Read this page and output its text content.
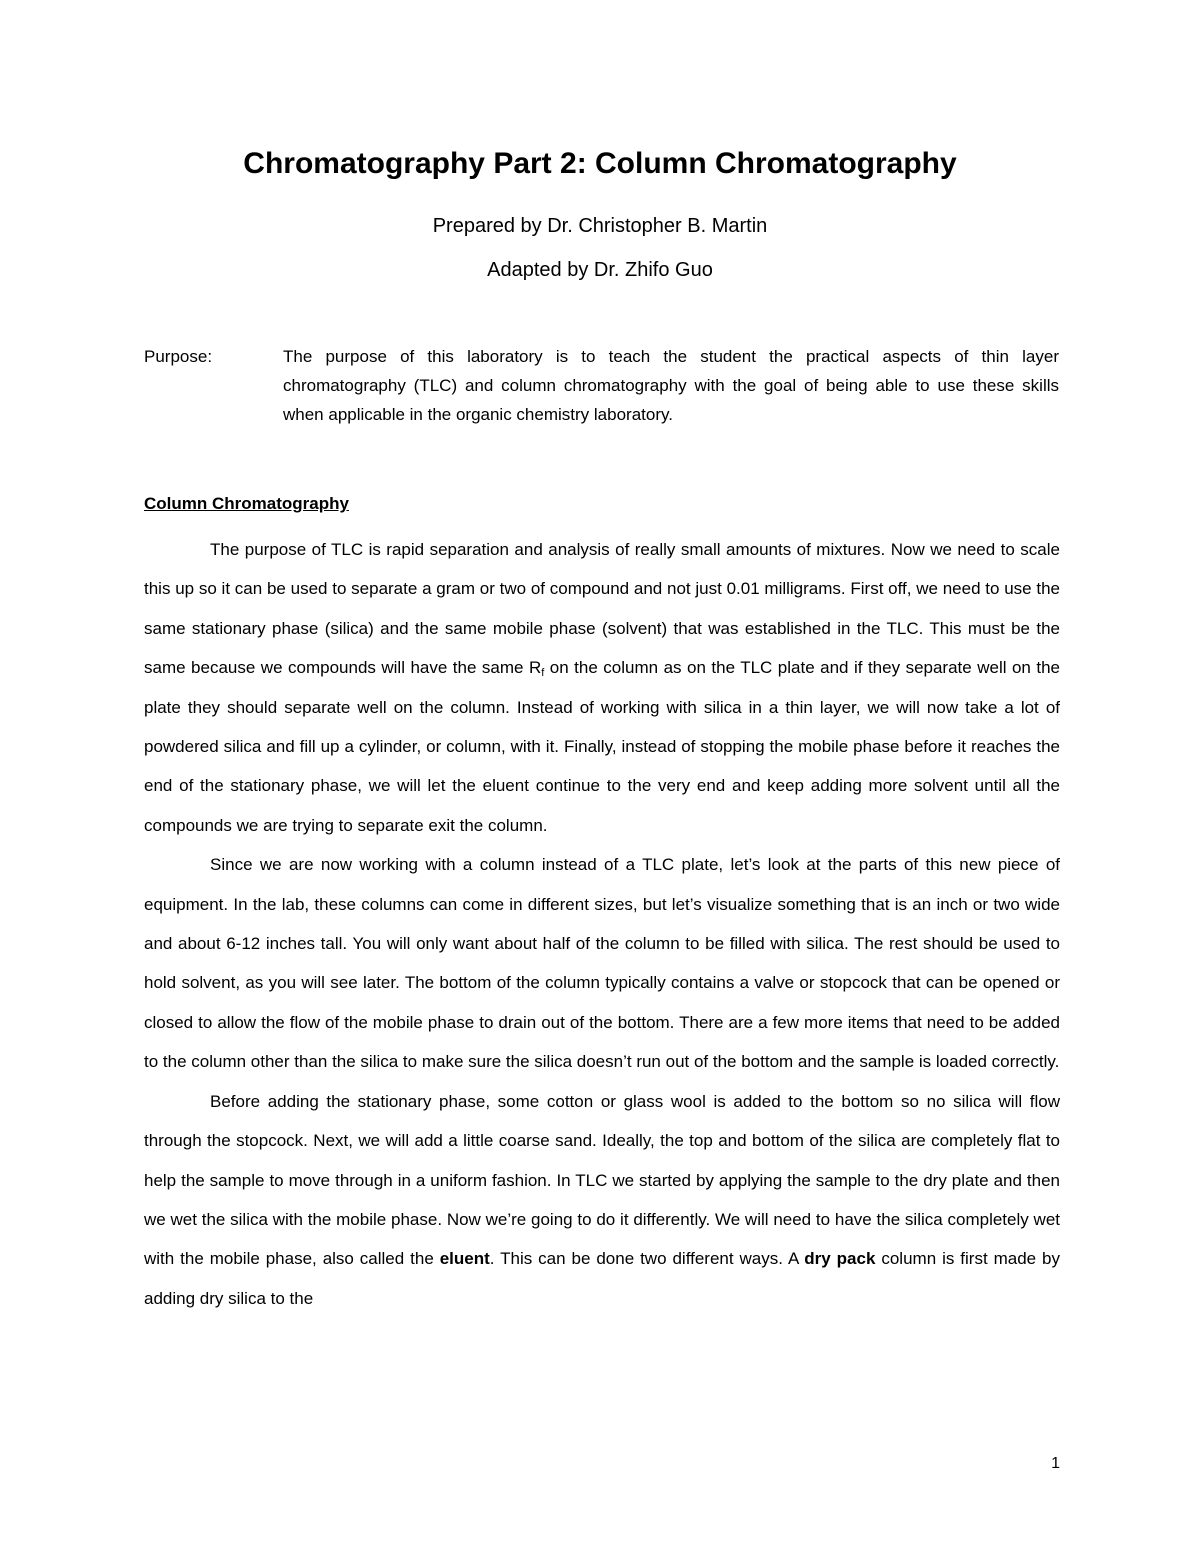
Chromatography Part 2: Column Chromatography
Prepared by Dr. Christopher B. Martin
Adapted by Dr. Zhifo Guo
Purpose:	The purpose of this laboratory is to teach the student the practical aspects of thin layer chromatography (TLC) and column chromatography with the goal of being able to use these skills when applicable in the organic chemistry laboratory.
Column Chromatography

The purpose of TLC is rapid separation and analysis of really small amounts of mixtures. Now we need to scale this up so it can be used to separate a gram or two of compound and not just 0.01 milligrams. First off, we need to use the same stationary phase (silica) and the same mobile phase (solvent) that was established in the TLC. This must be the same because we compounds will have the same $R_f$ on the column as on the TLC plate and if they separate well on the plate they should separate well on the column. Instead of working with silica in a thin layer, we will now take a lot of powdered silica and fill up a cylinder, or column, with it. Finally, instead of stopping the mobile phase before it reaches the end of the stationary phase, we will let the eluent continue to the very end and keep adding more solvent until all the compounds we are trying to separate exit the column.

Since we are now working with a column instead of a TLC plate, let’s look at the parts of this new piece of equipment. In the lab, these columns can come in different sizes, but let’s visualize something that is an inch or two wide and about 6-12 inches tall. You will only want about half of the column to be filled with silica. The rest should be used to hold solvent, as you will see later. The bottom of the column typically contains a valve or stopcock that can be opened or closed to allow the flow of the mobile phase to drain out of the bottom. There are a few more items that need to be added to the column other than the silica to make sure the silica doesn’t run out of the bottom and the sample is loaded correctly.

Before adding the stationary phase, some cotton or glass wool is added to the bottom so no silica will flow through the stopcock. Next, we will add a little coarse sand. Ideally, the top and bottom of the silica are completely flat to help the sample to move through in a uniform fashion. In TLC we started by applying the sample to the dry plate and then we wet the silica with the mobile phase. Now we’re going to do it differently. We will need to have the silica completely wet with the mobile phase, also called the eluent. This can be done two different ways. A dry pack column is first made by adding dry silica to the

1
